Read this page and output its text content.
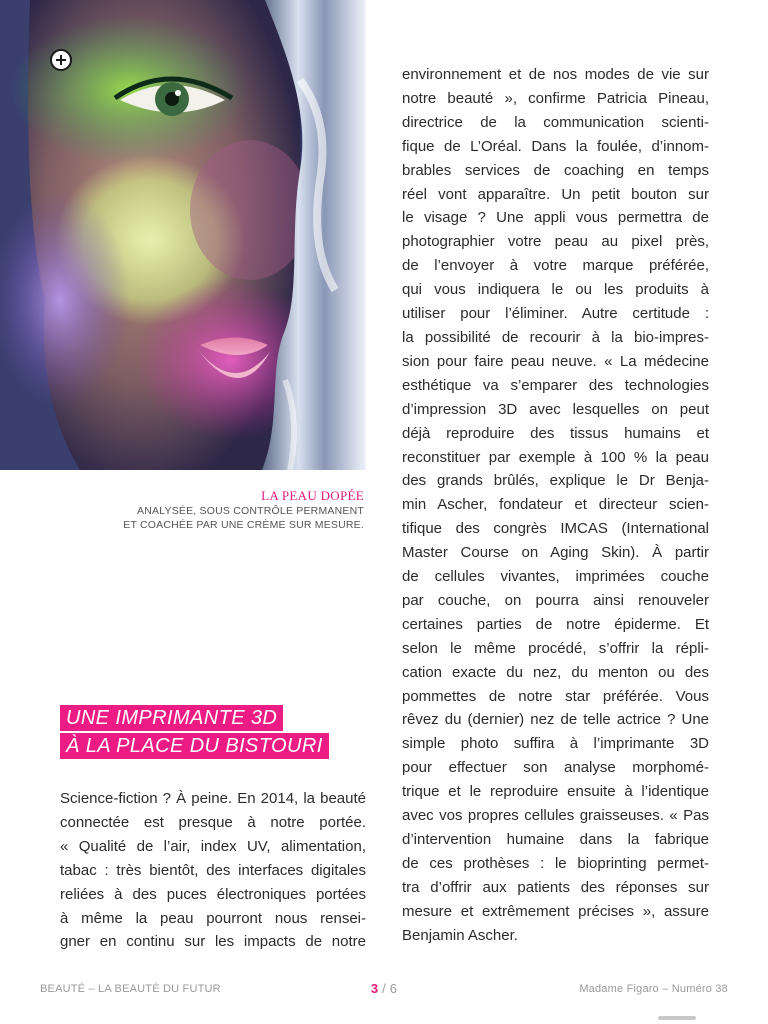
LA PEAU DOPÉE
ANALYSÉE, SOUS CONTRÔLE PERMANENT
ET COACHÉE PAR UNE CRÈME SUR MESURE.
UNE IMPRIMANTE 3D
À LA PLACE DU BISTOURI
Science-fiction ? À peine. En 2014, la beauté
connectée est presque à notre portée.
« Qualité de l’air, index UV, alimentation,
tabac : très bientôt, des interfaces digitales
reliées à des puces électroniques portées
à même la peau pourront nous rensei-
gner en continu sur les impacts de notre
environnement et de nos modes de vie sur
notre beauté », confirme Patricia Pineau,
directrice de la communication scienti-
fique de L’Oréal. Dans la foulée, d’innom-
brables services de coaching en temps
réel vont apparaître. Un petit bouton sur
le visage ? Une appli vous permettra de
photographier votre peau au pixel près,
de l’envoyer à votre marque préférée,
qui vous indiquera le ou les produits à
utiliser pour l’éliminer. Autre certitude :
la possibilité de recourir à la bio-impres-
sion pour faire peau neuve. « La médecine
esthétique va s’emparer des technologies
d’impression 3D avec lesquelles on peut
déjà reproduire des tissus humains et
reconstituer par exemple à 100 % la peau
des grands brûlés, explique le Dr Benja-
min Ascher, fondateur et directeur scien-
tifique des congrès IMCAS (International
Master Course on Aging Skin). À partir
de cellules vivantes, imprimées couche
par couche, on pourra ainsi renouveler
certaines parties de notre épiderme. Et
selon le même procédé, s’offrir la répli-
cation exacte du nez, du menton ou des
pommettes de notre star préférée. Vous
rêvez du (dernier) nez de telle actrice ? Une
simple photo suffira à l’imprimante 3D
pour effectuer son analyse morphomé-
trique et le reproduire ensuite à l’identique
avec vos propres cellules graisseuses. « Pas
d’intervention humaine dans la fabrique
de ces prothèses : le bioprinting permet-
tra d’offrir aux patients des réponses sur
mesure et extrêmement précises », assure
Benjamin Ascher.
BEAUTÉ – LA BEAUTÉ DU FUTUR	3 / 6	Madame Figaro – Numéro 38
